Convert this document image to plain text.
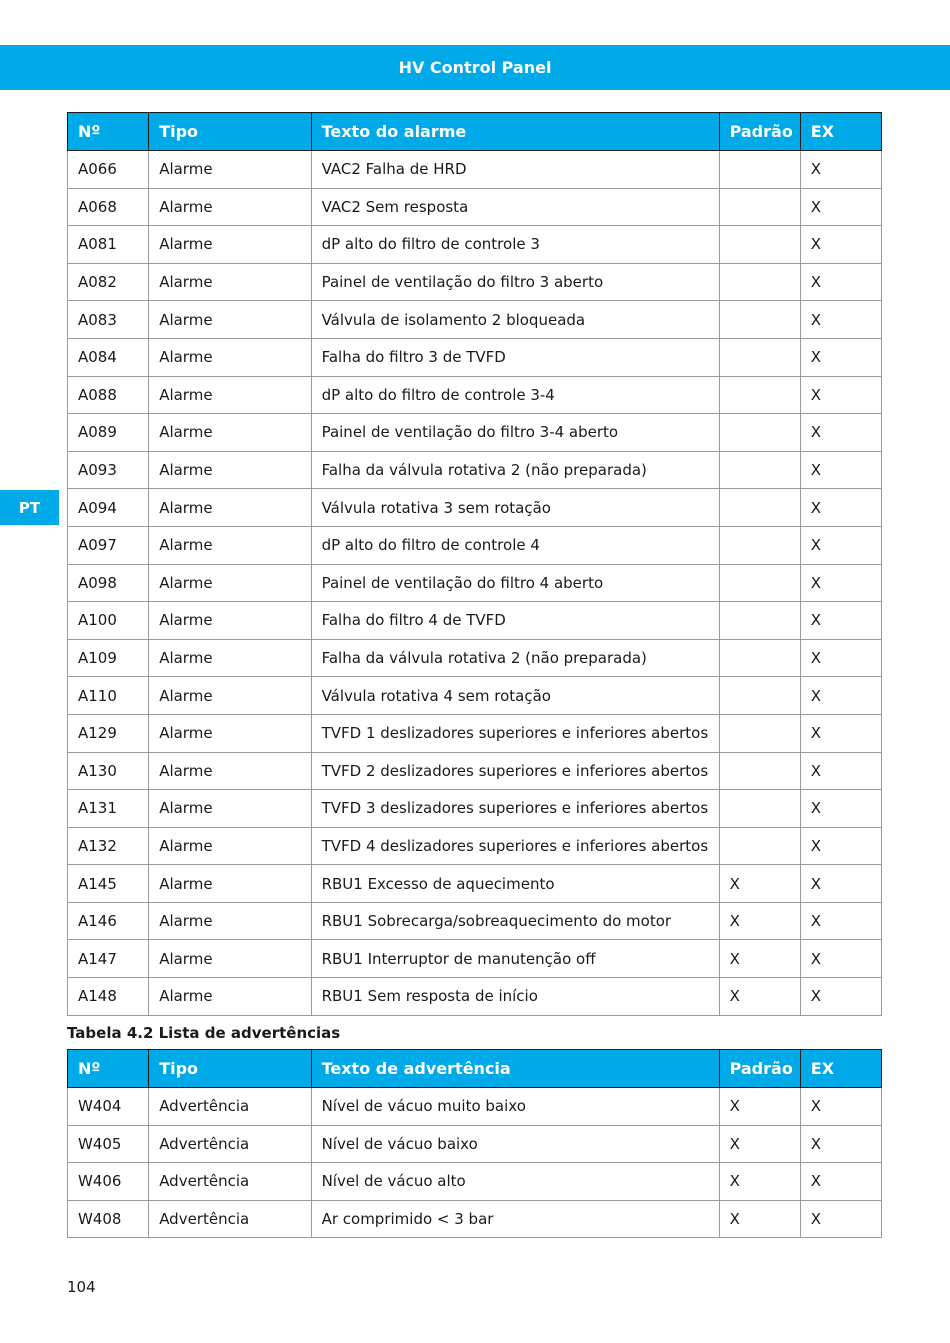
HV Control Panel
PT
Nº	Tipo	Texto do alarme	Padrão	EX
A066	Alarme	VAC2 Falha de HRD		X
A068	Alarme	VAC2 Sem resposta		X
A081	Alarme	dP alto do filtro de controle 3		X
A082	Alarme	Painel de ventilação do filtro 3 aberto		X
A083	Alarme	Válvula de isolamento 2 bloqueada		X
A084	Alarme	Falha do filtro 3 de TVFD		X
A088	Alarme	dP alto do filtro de controle 3-4		X
A089	Alarme	Painel de ventilação do filtro 3-4 aberto		X
A093	Alarme	Falha da válvula rotativa 2 (não preparada)		X
A094	Alarme	Válvula rotativa 3 sem rotação		X
A097	Alarme	dP alto do filtro de controle 4		X
A098	Alarme	Painel de ventilação do filtro 4 aberto		X
A100	Alarme	Falha do filtro 4 de TVFD		X
A109	Alarme	Falha da válvula rotativa 2 (não preparada)		X
A110	Alarme	Válvula rotativa 4 sem rotação		X
A129	Alarme	TVFD 1 deslizadores superiores e inferiores abertos		X
A130	Alarme	TVFD 2 deslizadores superiores e inferiores abertos		X
A131	Alarme	TVFD 3 deslizadores superiores e inferiores abertos		X
A132	Alarme	TVFD 4 deslizadores superiores e inferiores abertos		X
A145	Alarme	RBU1 Excesso de aquecimento	X	X
A146	Alarme	RBU1 Sobrecarga/sobreaquecimento do motor	X	X
A147	Alarme	RBU1 Interruptor de manutenção off	X	X
A148	Alarme	RBU1 Sem resposta de início	X	X
Tabela 4.2 Lista de advertências
Nº	Tipo	Texto de advertência	Padrão	EX
W404	Advertência	Nível de vácuo muito baixo	X	X
W405	Advertência	Nível de vácuo baixo	X	X
W406	Advertência	Nível de vácuo alto	X	X
W408	Advertência	Ar comprimido < 3 bar	X	X
104
